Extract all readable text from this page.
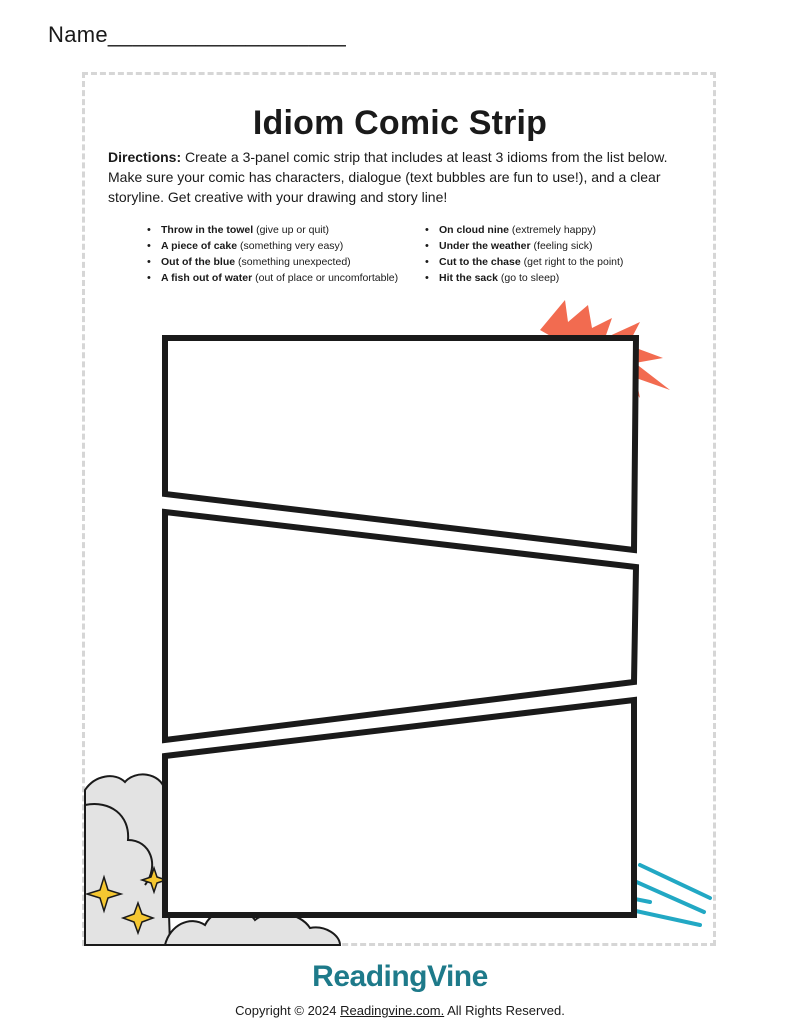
Name___________________
Idiom Comic Strip
Directions: Create a 3-panel comic strip that includes at least 3 idioms from the list below. Make sure your comic has characters, dialogue (text bubbles are fun to use!), and a clear storyline. Get creative with your drawing and story line!
• Throw in the towel (give up or quit)
• A piece of cake (something very easy)
• Out of the blue (something unexpected)
• A fish out of water (out of place or uncomfortable)
• On cloud nine (extremely happy)
• Under the weather (feeling sick)
• Cut to the chase (get right to the point)
• Hit the sack (go to sleep)
ReadingVine
Copyright © 2024 Readingvine.com. All Rights Reserved.
